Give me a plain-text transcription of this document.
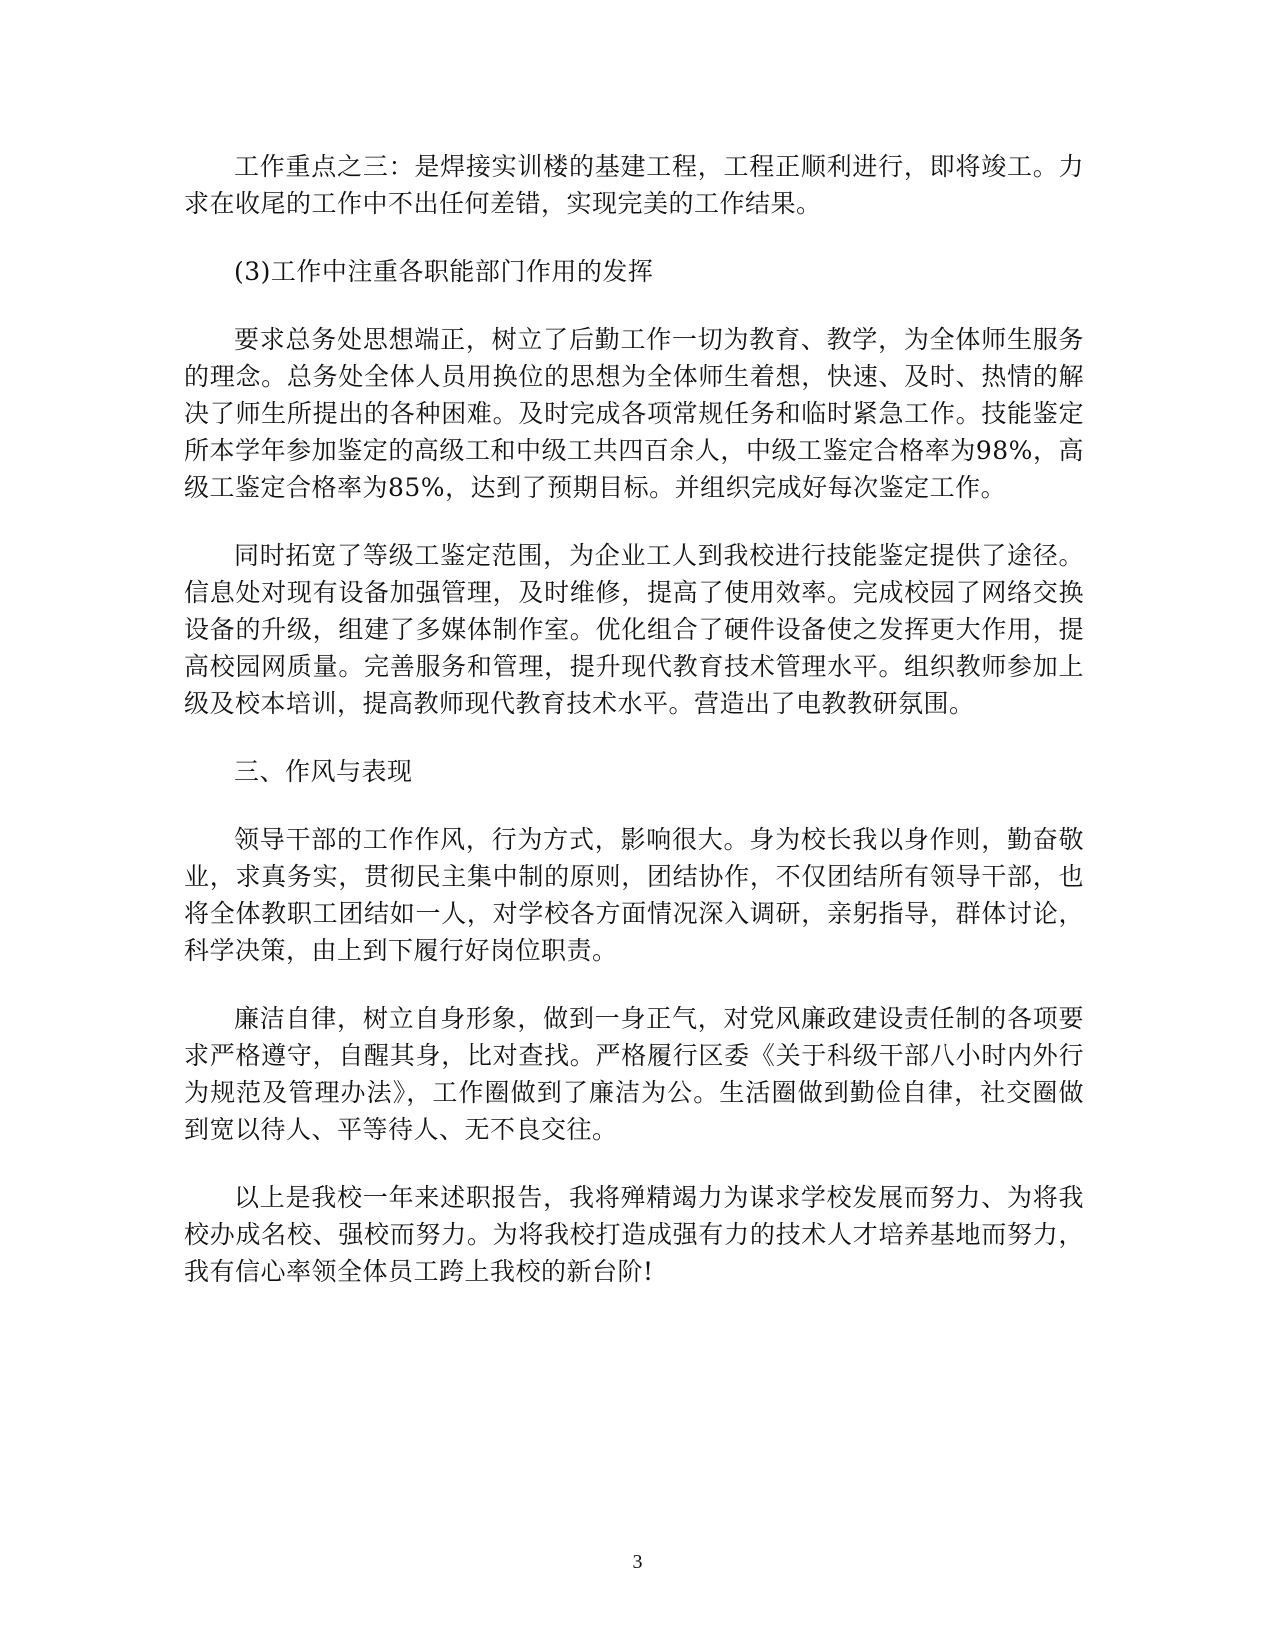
工作重点之三：是焊接实训楼的基建工程，工程正顺利进行，即将竣工。力求在收尾的工作中不出任何差错，实现完美的工作结果。

(3)工作中注重各职能部门作用的发挥

要求总务处思想端正，树立了后勤工作一切为教育、教学，为全体师生服务的理念。总务处全体人员用换位的思想为全体师生着想，快速、及时、热情的解决了师生所提出的各种困难。及时完成各项常规任务和临时紧急工作。技能鉴定所本学年参加鉴定的高级工和中级工共四百余人，中级工鉴定合格率为98%，高级工鉴定合格率为85%，达到了预期目标。并组织完成好每次鉴定工作。

同时拓宽了等级工鉴定范围，为企业工人到我校进行技能鉴定提供了途径。信息处对现有设备加强管理，及时维修，提高了使用效率。完成校园了网络交换设备的升级，组建了多媒体制作室。优化组合了硬件设备使之发挥更大作用，提高校园网质量。完善服务和管理，提升现代教育技术管理水平。组织教师参加上级及校本培训，提高教师现代教育技术水平。营造出了电教教研氛围。

三、作风与表现

领导干部的工作作风，行为方式，影响很大。身为校长我以身作则，勤奋敬业，求真务实，贯彻民主集中制的原则，团结协作，不仅团结所有领导干部，也将全体教职工团结如一人，对学校各方面情况深入调研，亲躬指导，群体讨论，科学决策，由上到下履行好岗位职责。

廉洁自律，树立自身形象，做到一身正气，对党风廉政建设责任制的各项要求严格遵守，自醒其身，比对查找。严格履行区委《关于科级干部八小时内外行为规范及管理办法》，工作圈做到了廉洁为公。生活圈做到勤俭自律，社交圈做到宽以待人、平等待人、无不良交往。

以上是我校一年来述职报告，我将殚精竭力为谋求学校发展而努力、为将我校办成名校、强校而努力。为将我校打造成强有力的技术人才培养基地而努力，我有信心率领全体员工跨上我校的新台阶!

3
